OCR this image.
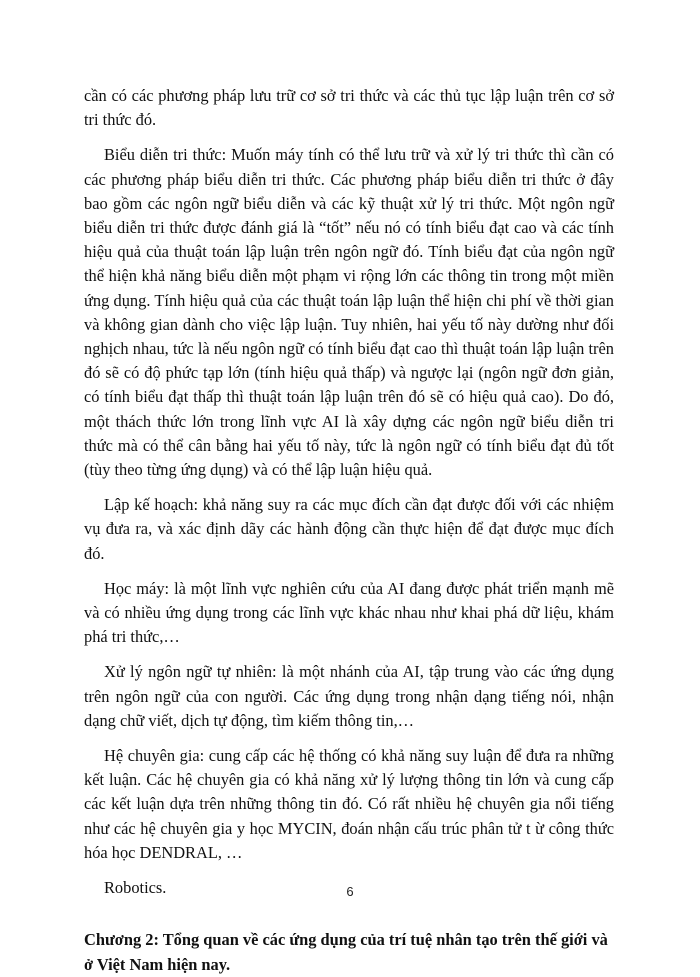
cần có các phương pháp lưu trữ cơ sở tri thức và các thủ tục lập luận trên cơ sở tri thức đó.

Biểu diễn tri thức: Muốn máy tính có thể lưu trữ và xử lý tri thức thì cần có các phương pháp biểu diễn tri thức. Các phương pháp biểu diễn tri thức ở đây bao gồm các ngôn ngữ biểu diễn và các kỹ thuật xử lý tri thức. Một ngôn ngữ biểu diễn tri thức được đánh giá là “tốt” nếu nó có tính biểu đạt cao và các tính hiệu quả của thuật toán lập luận trên ngôn ngữ đó. Tính biểu đạt của ngôn ngữ thể hiện khả năng biểu diễn một phạm vi rộng lớn các thông tin trong một miền ứng dụng. Tính hiệu quả của các thuật toán lập luận thể hiện chi phí về thời gian và không gian dành cho việc lập luận. Tuy nhiên, hai yếu tố này dường như đối nghịch nhau, tức là nếu ngôn ngữ có tính biểu đạt cao thì thuật toán lập luận trên đó sẽ có độ phức tạp lớn (tính hiệu quả thấp) và ngược lại (ngôn ngữ đơn giản, có tính biểu đạt thấp thì thuật toán lập luận trên đó sẽ có hiệu quả cao). Do đó, một thách thức lớn trong lĩnh vực AI là xây dựng các ngôn ngữ biểu diễn tri thức mà có thể cân bằng hai yếu tố này, tức là ngôn ngữ có tính biểu đạt đủ tốt (tùy theo từng ứng dụng) và có thể lập luận hiệu quả.

Lập kế hoạch: khả năng suy ra các mục đích cần đạt được đối với các nhiệm vụ đưa ra, và xác định dãy các hành động cần thực hiện để đạt được mục đích đó.

Học máy: là một lĩnh vực nghiên cứu của AI đang được phát triển mạnh mẽ và có nhiều ứng dụng trong các lĩnh vực khác nhau như khai phá dữ liệu, khám phá tri thức,…

Xử lý ngôn ngữ tự nhiên: là một nhánh của AI, tập trung vào các ứng dụng trên ngôn ngữ của con người. Các ứng dụng trong nhận dạng tiếng nói, nhận dạng chữ viết, dịch tự động, tìm kiếm thông tin,…

Hệ chuyên gia: cung cấp các hệ thống có khả năng suy luận để đưa ra những kết luận. Các hệ chuyên gia có khả năng xử lý lượng thông tin lớn và cung cấp các kết luận dựa trên những thông tin đó. Có rất nhiều hệ chuyên gia nổi tiếng như các hệ chuyên gia y học MYCIN, đoán nhận cấu trúc phân tử t ừ công thức hóa học DENDRAL, …

Robotics.

Chương 2: Tổng quan về các ứng dụng của trí tuệ nhân tạo trên thế giới và ở Việt Nam hiện nay.
6
